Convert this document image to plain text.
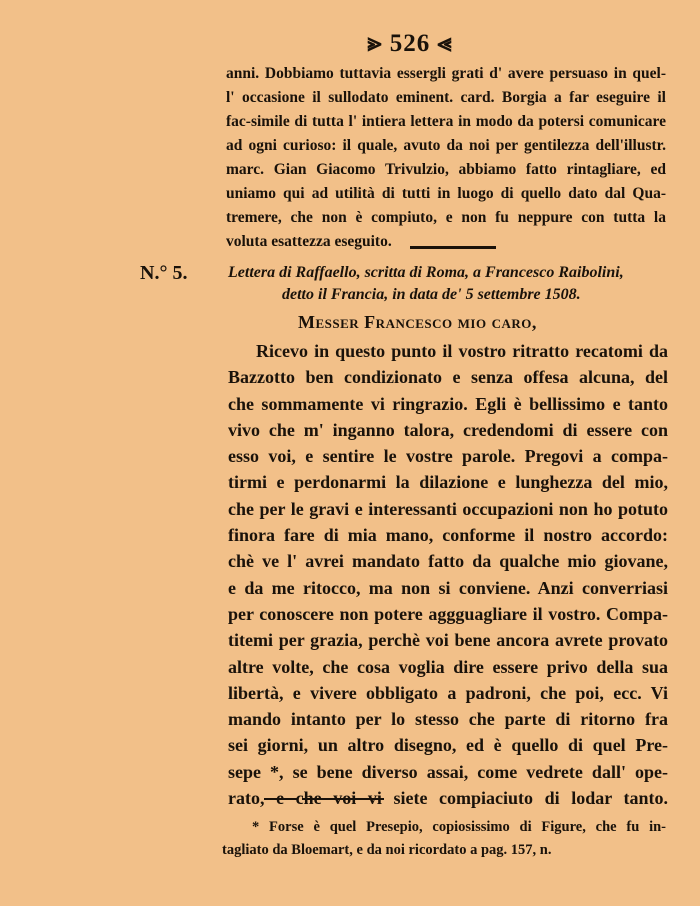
⪢ 526 ⪡
anni. Dobbiamo tuttavia essergli grati d' avere persuaso in quel-
l' occasione il sullodato eminent. card. Borgia a far eseguire il
fac-simile di tutta l' intiera lettera in modo da potersi comunicare
ad ogni curioso: il quale, avuto da noi per gentilezza dell'illustr.
marc. Gian Giacomo Trivulzio, abbiamo fatto rintagliare, ed
uniamo qui ad utilità di tutti in luogo di quello dato dal Qua-
tremere, che non è compiuto, e non fu neppure con tutta la
voluta esattezza eseguito.
N.° 5.	Lettera di Raffaello, scritta di Roma, a Francesco Raibolini,
detto il Francia, in data de' 5 settembre 1508.
Messer Francesco mio caro,
Ricevo in questo punto il vostro ritratto recatomi da
Bazzotto ben condizionato e senza offesa alcuna, del
che sommamente vi ringrazio. Egli è bellissimo e tanto
vivo che m' inganno talora, credendomi di essere con
esso voi, e sentire le vostre parole. Pregovi a compa-
tirmi e perdonarmi la dilazione e lunghezza del mio,
che per le gravi e interessanti occupazioni non ho potuto
finora fare di mia mano, conforme il nostro accordo:
chè ve l' avrei mandato fatto da qualche mio giovane,
e da me ritocco, ma non si conviene. Anzi converriasi
per conoscere non potere aggguagliare il vostro. Compa-
titemi per grazia, perchè voi bene ancora avrete provato
altre volte, che cosa voglia dire essere privo della sua
libertà, e vivere obbligato a padroni, che poi, ecc. Vi
mando intanto per lo stesso che parte di ritorno fra
sei giorni, un altro disegno, ed è quello di quel Pre-
sepe *, se bene diverso assai, come vedrete dall' ope-
rato, e che voi vi siete compiaciuto di lodar tanto.
* Forse è quel Presepio, copiosissimo di Figure, che fu in-
tagliato da Bloemart, e da noi ricordato a pag. 157, n.
